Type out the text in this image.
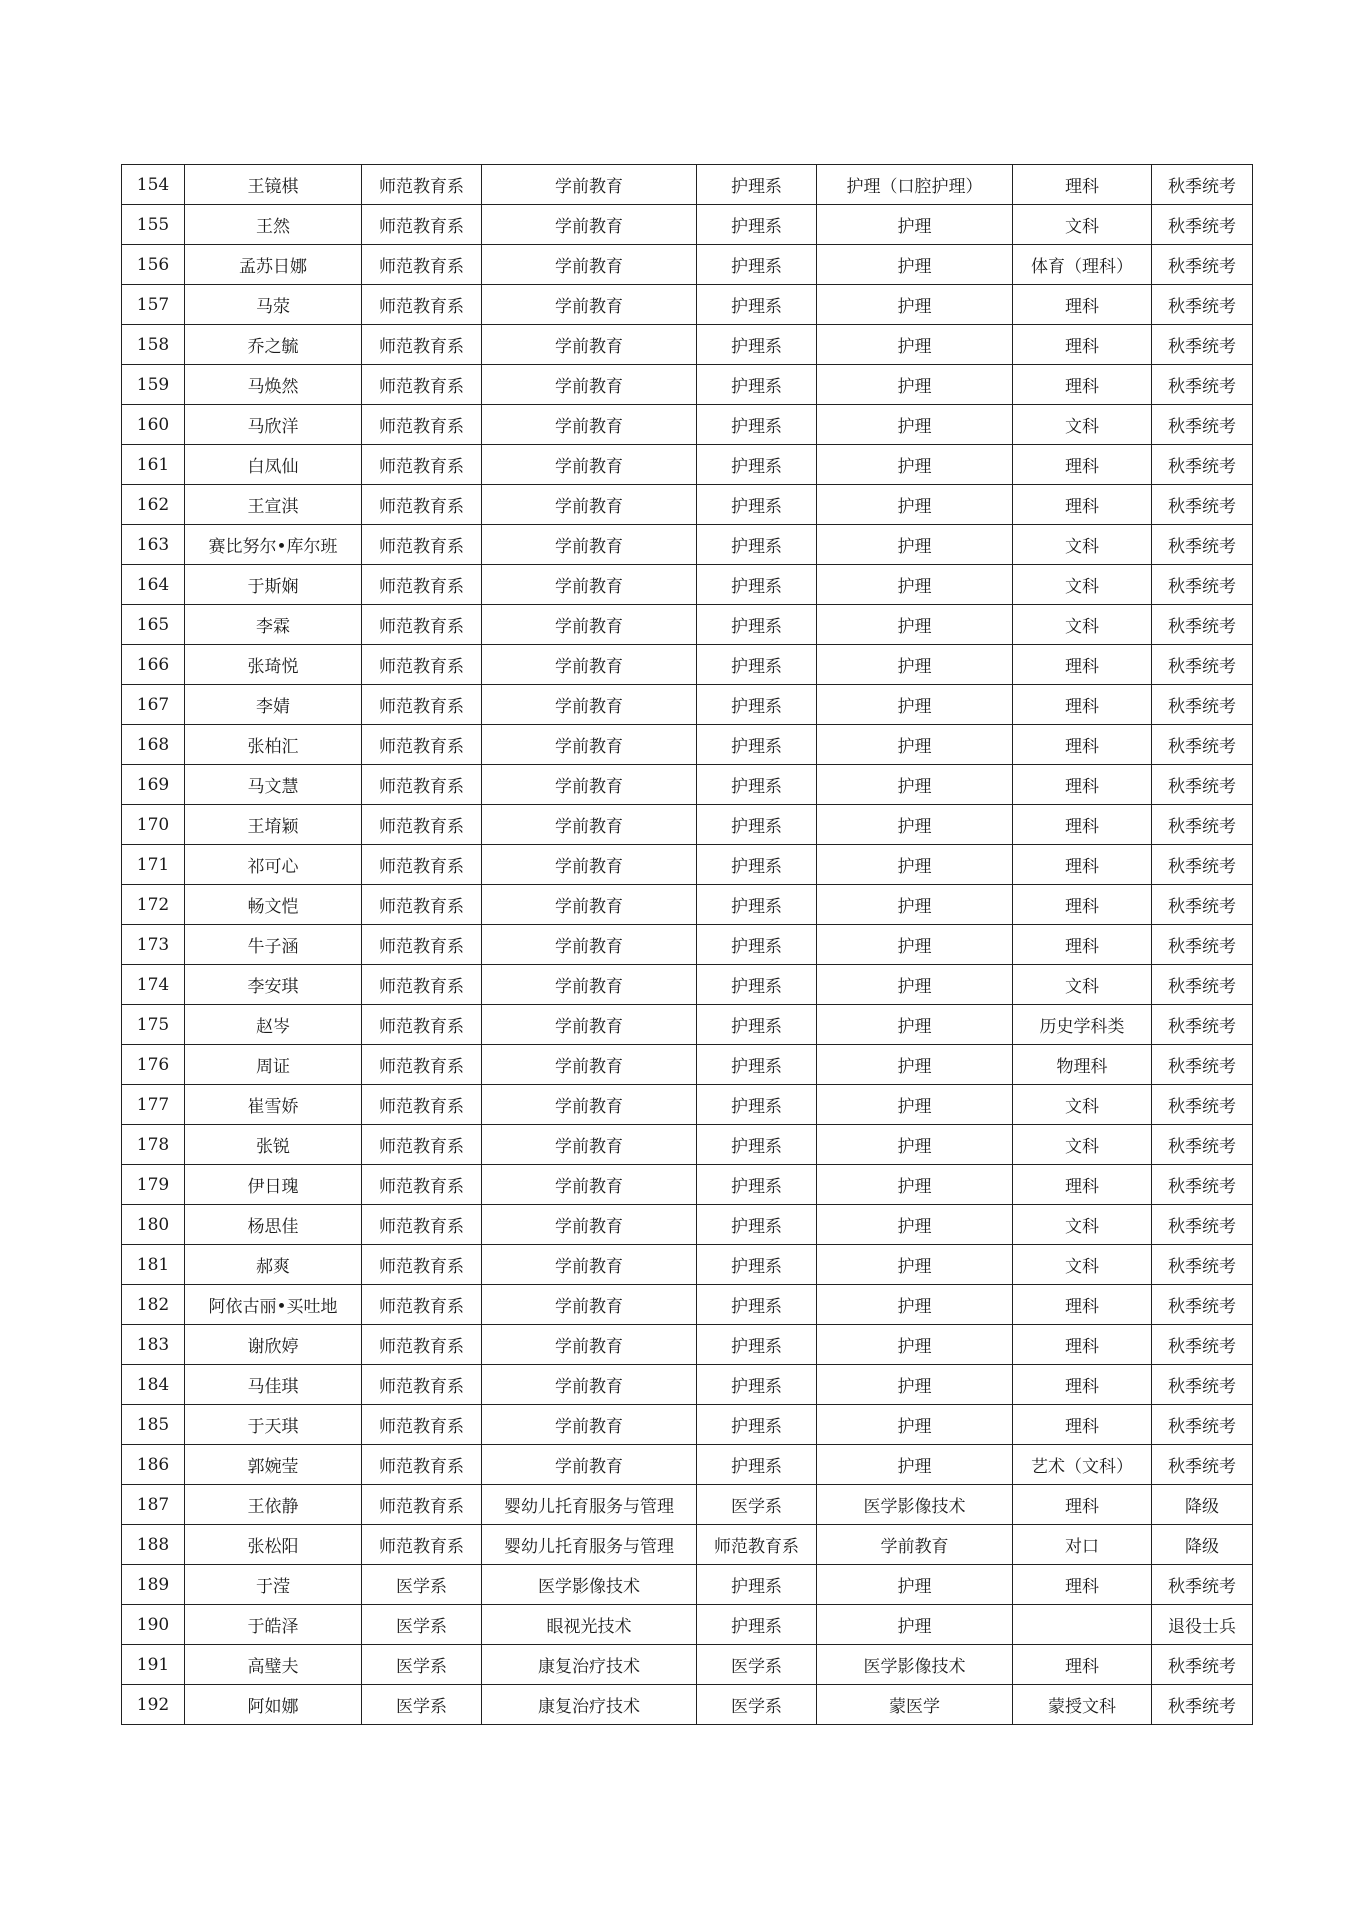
154	王镜棋	师范教育系	学前教育	护理系	护理（口腔护理）	理科	秋季统考
155	王然	师范教育系	学前教育	护理系	护理	文科	秋季统考
156	孟苏日娜	师范教育系	学前教育	护理系	护理	体育（理科）	秋季统考
157	马荥	师范教育系	学前教育	护理系	护理	理科	秋季统考
158	乔之毓	师范教育系	学前教育	护理系	护理	理科	秋季统考
159	马焕然	师范教育系	学前教育	护理系	护理	理科	秋季统考
160	马欣洋	师范教育系	学前教育	护理系	护理	文科	秋季统考
161	白凤仙	师范教育系	学前教育	护理系	护理	理科	秋季统考
162	王宣淇	师范教育系	学前教育	护理系	护理	理科	秋季统考
163	赛比努尔•库尔班	师范教育系	学前教育	护理系	护理	文科	秋季统考
164	于斯娴	师范教育系	学前教育	护理系	护理	文科	秋季统考
165	李霖	师范教育系	学前教育	护理系	护理	文科	秋季统考
166	张琦悦	师范教育系	学前教育	护理系	护理	理科	秋季统考
167	李婧	师范教育系	学前教育	护理系	护理	理科	秋季统考
168	张柏汇	师范教育系	学前教育	护理系	护理	理科	秋季统考
169	马文慧	师范教育系	学前教育	护理系	护理	理科	秋季统考
170	王堉颖	师范教育系	学前教育	护理系	护理	理科	秋季统考
171	祁可心	师范教育系	学前教育	护理系	护理	理科	秋季统考
172	畅文恺	师范教育系	学前教育	护理系	护理	理科	秋季统考
173	牛子涵	师范教育系	学前教育	护理系	护理	理科	秋季统考
174	李安琪	师范教育系	学前教育	护理系	护理	文科	秋季统考
175	赵岑	师范教育系	学前教育	护理系	护理	历史学科类	秋季统考
176	周证	师范教育系	学前教育	护理系	护理	物理科	秋季统考
177	崔雪娇	师范教育系	学前教育	护理系	护理	文科	秋季统考
178	张锐	师范教育系	学前教育	护理系	护理	文科	秋季统考
179	伊日瑰	师范教育系	学前教育	护理系	护理	理科	秋季统考
180	杨思佳	师范教育系	学前教育	护理系	护理	文科	秋季统考
181	郝爽	师范教育系	学前教育	护理系	护理	文科	秋季统考
182	阿依古丽•买吐地	师范教育系	学前教育	护理系	护理	理科	秋季统考
183	谢欣婷	师范教育系	学前教育	护理系	护理	理科	秋季统考
184	马佳琪	师范教育系	学前教育	护理系	护理	理科	秋季统考
185	于天琪	师范教育系	学前教育	护理系	护理	理科	秋季统考
186	郭婉莹	师范教育系	学前教育	护理系	护理	艺术（文科）	秋季统考
187	王依静	师范教育系	婴幼儿托育服务与管理	医学系	医学影像技术	理科	降级
188	张松阳	师范教育系	婴幼儿托育服务与管理	师范教育系	学前教育	对口	降级
189	于滢	医学系	医学影像技术	护理系	护理	理科	秋季统考
190	于皓泽	医学系	眼视光技术	护理系	护理		退役士兵
191	高璧夫	医学系	康复治疗技术	医学系	医学影像技术	理科	秋季统考
192	阿如娜	医学系	康复治疗技术	医学系	蒙医学	蒙授文科	秋季统考
